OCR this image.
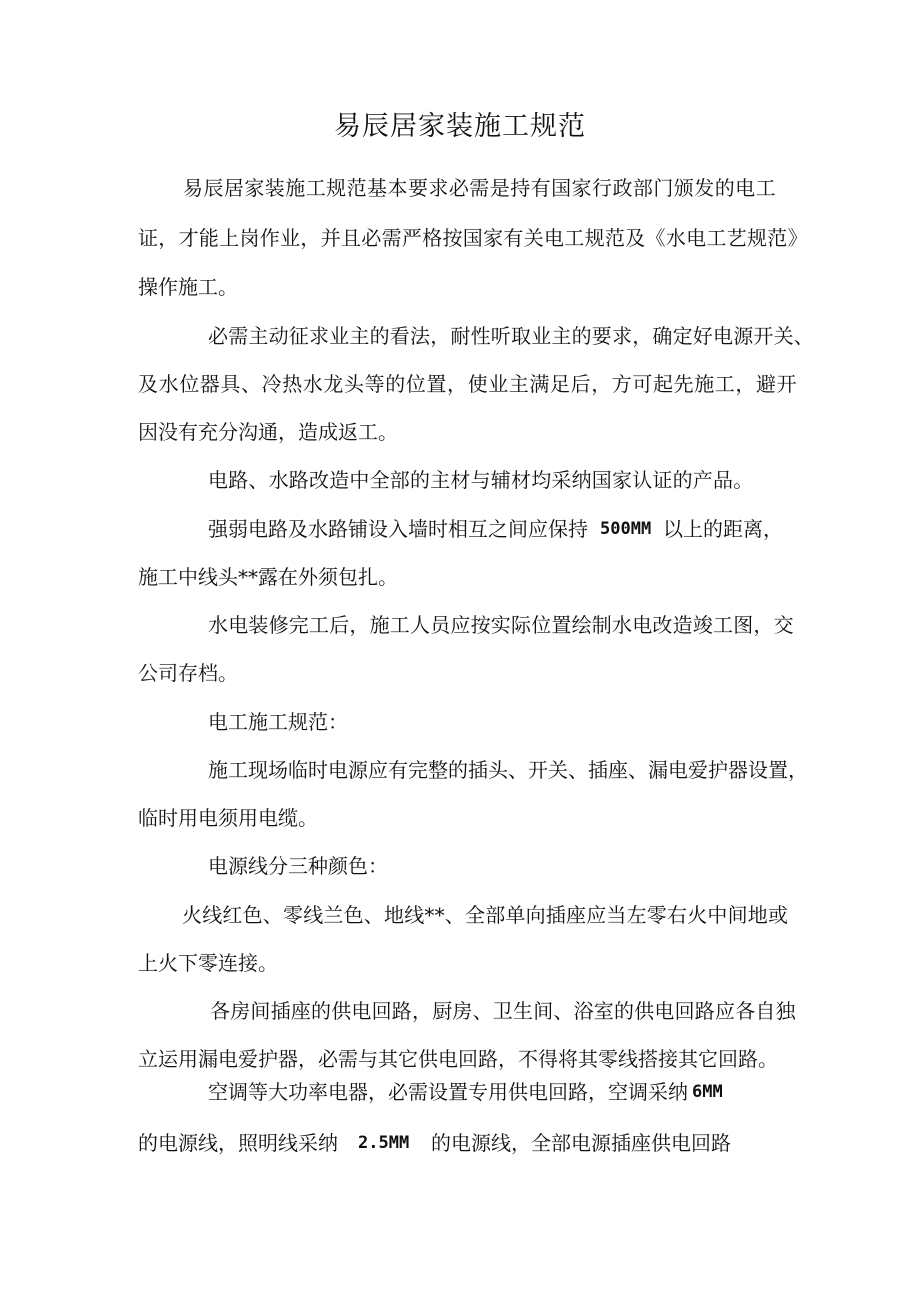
易辰居家装施工规范

易辰居家装施工规范基本要求必需是持有国家行政部门颁发的电工

证，才能上岗作业，并且必需严格按国家有关电工规范及《水电工艺规范》

操作施工。

必需主动征求业主的看法，耐性听取业主的要求，确定好电源开关、

及水位器具、冷热水龙头等的位置，使业主满足后，方可起先施工，避开

因没有充分沟通，造成返工。

电路、水路改造中全部的主材与辅材均采纳国家认证的产品。

强弱电路及水路铺设入墙时相互之间应保持 500MM 以上的距离，

施工中线头**露在外须包扎。

水电装修完工后，施工人员应按实际位置绘制水电改造竣工图，交

公司存档。

电工施工规范：

施工现场临时电源应有完整的插头、开关、插座、漏电爱护器设置，

临时用电须用电缆。

电源线分三种颜色：

火线红色、零线兰色、地线**、全部单向插座应当左零右火中间地或

上火下零连接。

各房间插座的供电回路，厨房、卫生间、浴室的供电回路应各自独

立运用漏电爱护器，必需与其它供电回路，不得将其零线搭接其它回路。

空调等大功率电器，必需设置专用供电回路，空调采纳 6MM

的电源线，照明线采纳 2.5MM 的电源线，全部电源插座供电回路
